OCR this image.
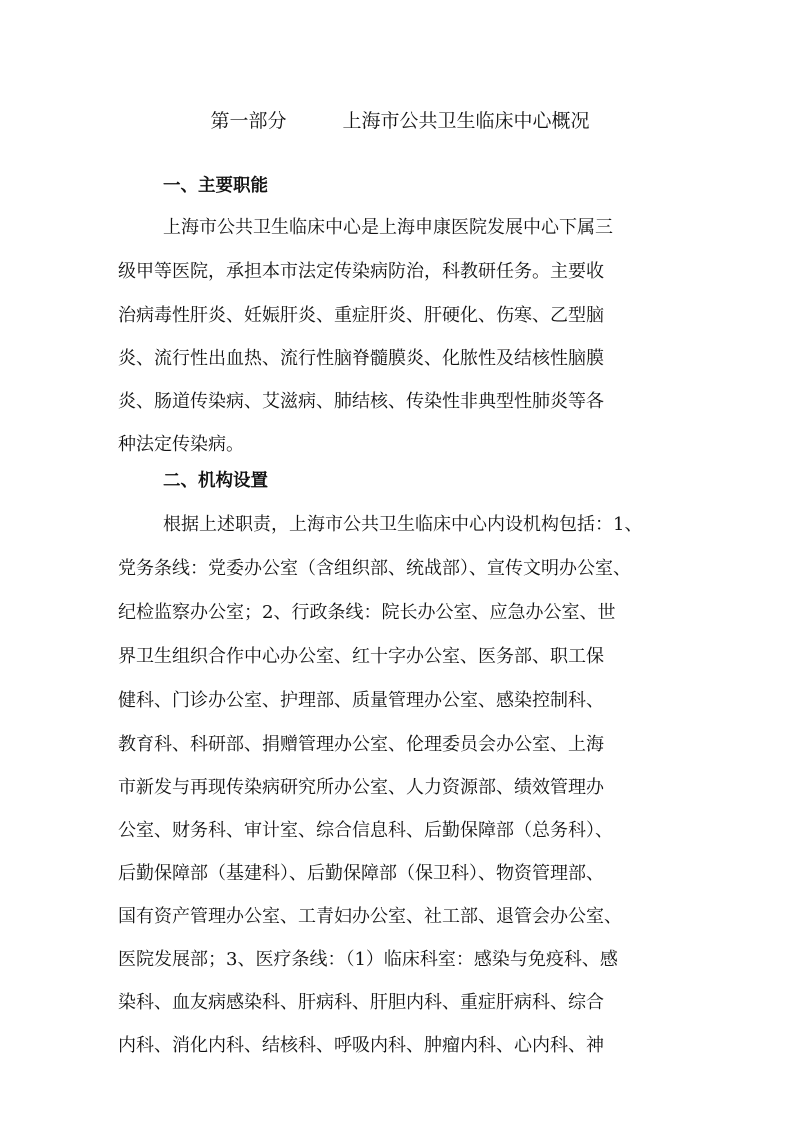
第一部分	上海市公共卫生临床中心概况
一、主要职能
上海市公共卫生临床中心是上海申康医院发展中心下属三
级甲等医院，承担本市法定传染病防治，科教研任务。主要收
治病毒性肝炎、妊娠肝炎、重症肝炎、肝硬化、伤寒、乙型脑
炎、流行性出血热、流行性脑脊髓膜炎、化脓性及结核性脑膜
炎、肠道传染病、艾滋病、肺结核、传染性非典型性肺炎等各
种法定传染病。
二、机构设置
根据上述职责，上海市公共卫生临床中心内设机构包括：1、
党务条线：党委办公室（含组织部、统战部）、宣传文明办公室、
纪检监察办公室；2、行政条线：院长办公室、应急办公室、世
界卫生组织合作中心办公室、红十字办公室、医务部、职工保
健科、门诊办公室、护理部、质量管理办公室、感染控制科、
教育科、科研部、捐赠管理办公室、伦理委员会办公室、上海
市新发与再现传染病研究所办公室、人力资源部、绩效管理办
公室、财务科、审计室、综合信息科、后勤保障部（总务科）、
后勤保障部（基建科）、后勤保障部（保卫科）、物资管理部、
国有资产管理办公室、工青妇办公室、社工部、退管会办公室、
医院发展部；3、医疗条线：（1）临床科室：感染与免疫科、感
染科、血友病感染科、肝病科、肝胆内科、重症肝病科、综合
内科、消化内科、结核科、呼吸内科、肿瘤内科、心内科、神
